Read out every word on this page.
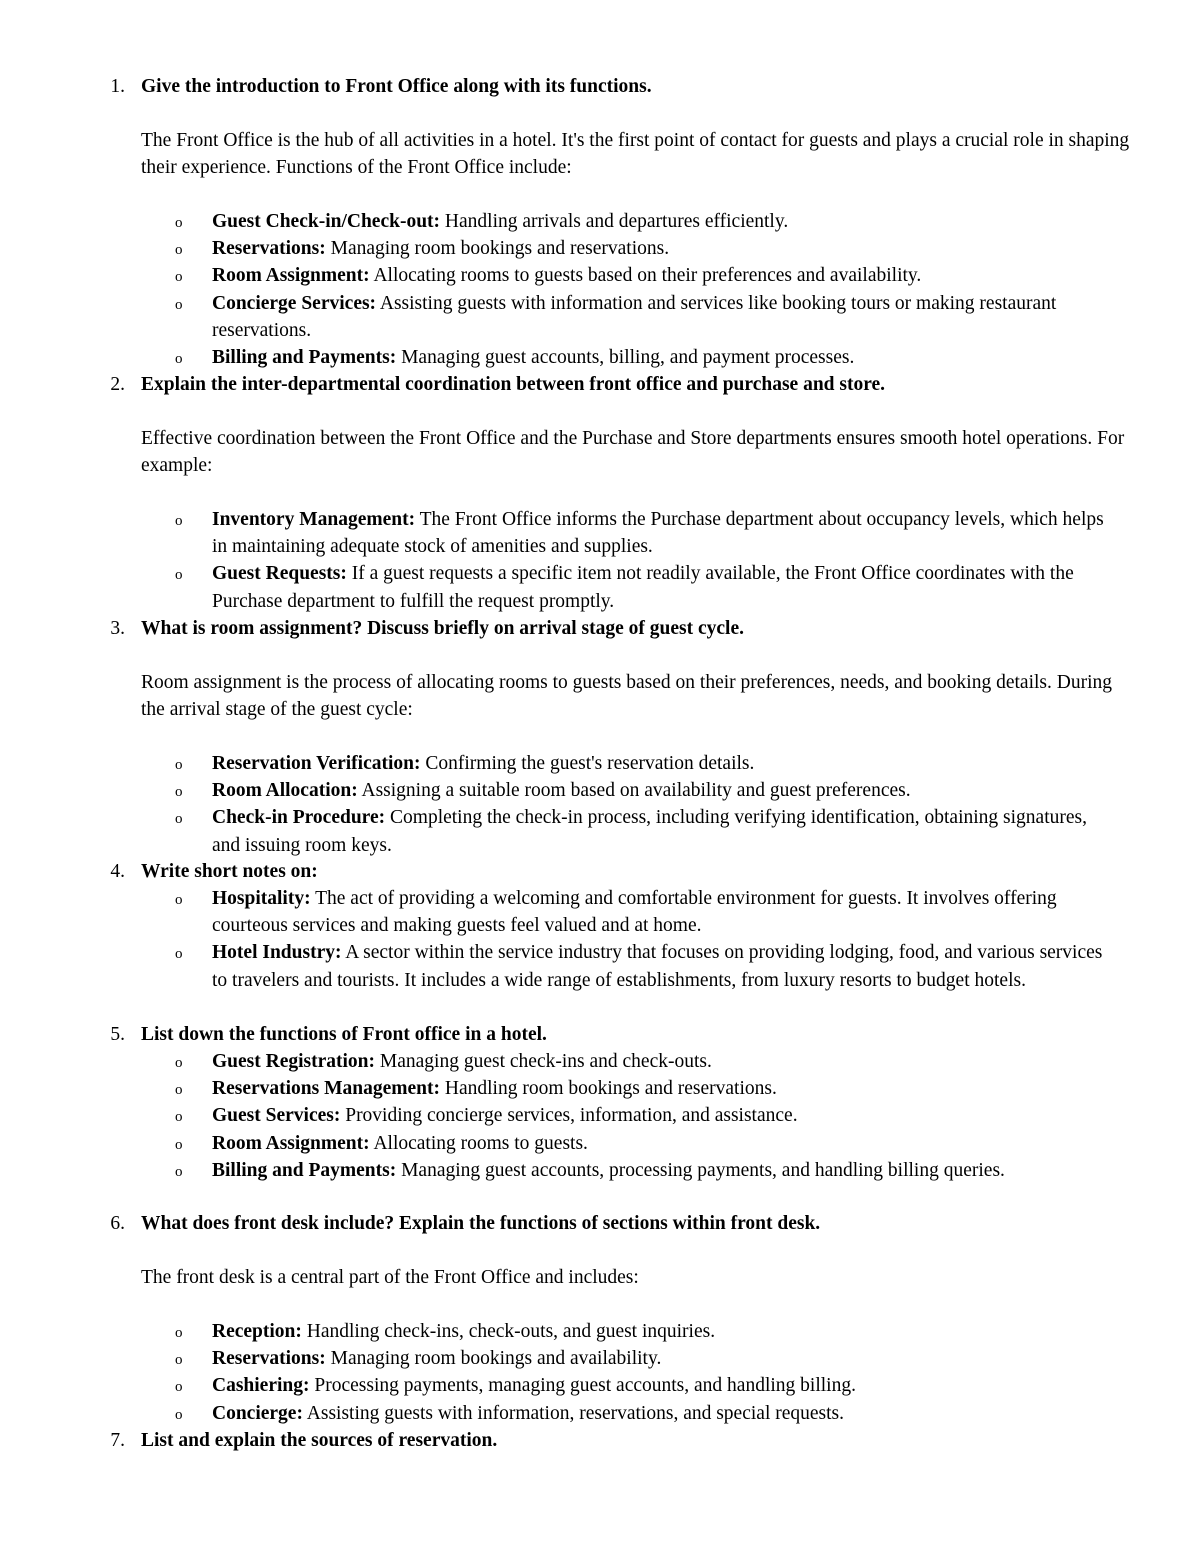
1. Give the introduction to Front Office along with its functions.
The Front Office is the hub of all activities in a hotel. It's the first point of contact for guests and plays a crucial role in shaping their experience. Functions of the Front Office include:
o Guest Check-in/Check-out: Handling arrivals and departures efficiently.
o Reservations: Managing room bookings and reservations.
o Room Assignment: Allocating rooms to guests based on their preferences and availability.
o Concierge Services: Assisting guests with information and services like booking tours or making restaurant reservations.
o Billing and Payments: Managing guest accounts, billing, and payment processes.
2. Explain the inter-departmental coordination between front office and purchase and store.
Effective coordination between the Front Office and the Purchase and Store departments ensures smooth hotel operations. For example:
o Inventory Management: The Front Office informs the Purchase department about occupancy levels, which helps in maintaining adequate stock of amenities and supplies.
o Guest Requests: If a guest requests a specific item not readily available, the Front Office coordinates with the Purchase department to fulfill the request promptly.
3. What is room assignment? Discuss briefly on arrival stage of guest cycle.
Room assignment is the process of allocating rooms to guests based on their preferences, needs, and booking details. During the arrival stage of the guest cycle:
o Reservation Verification: Confirming the guest's reservation details.
o Room Allocation: Assigning a suitable room based on availability and guest preferences.
o Check-in Procedure: Completing the check-in process, including verifying identification, obtaining signatures, and issuing room keys.
4. Write short notes on:
o Hospitality: The act of providing a welcoming and comfortable environment for guests. It involves offering courteous services and making guests feel valued and at home.
o Hotel Industry: A sector within the service industry that focuses on providing lodging, food, and various services to travelers and tourists. It includes a wide range of establishments, from luxury resorts to budget hotels.
5. List down the functions of Front office in a hotel.
o Guest Registration: Managing guest check-ins and check-outs.
o Reservations Management: Handling room bookings and reservations.
o Guest Services: Providing concierge services, information, and assistance.
o Room Assignment: Allocating rooms to guests.
o Billing and Payments: Managing guest accounts, processing payments, and handling billing queries.
6. What does front desk include? Explain the functions of sections within front desk.
The front desk is a central part of the Front Office and includes:
o Reception: Handling check-ins, check-outs, and guest inquiries.
o Reservations: Managing room bookings and availability.
o Cashiering: Processing payments, managing guest accounts, and handling billing.
o Concierge: Assisting guests with information, reservations, and special requests.
7. List and explain the sources of reservation.
